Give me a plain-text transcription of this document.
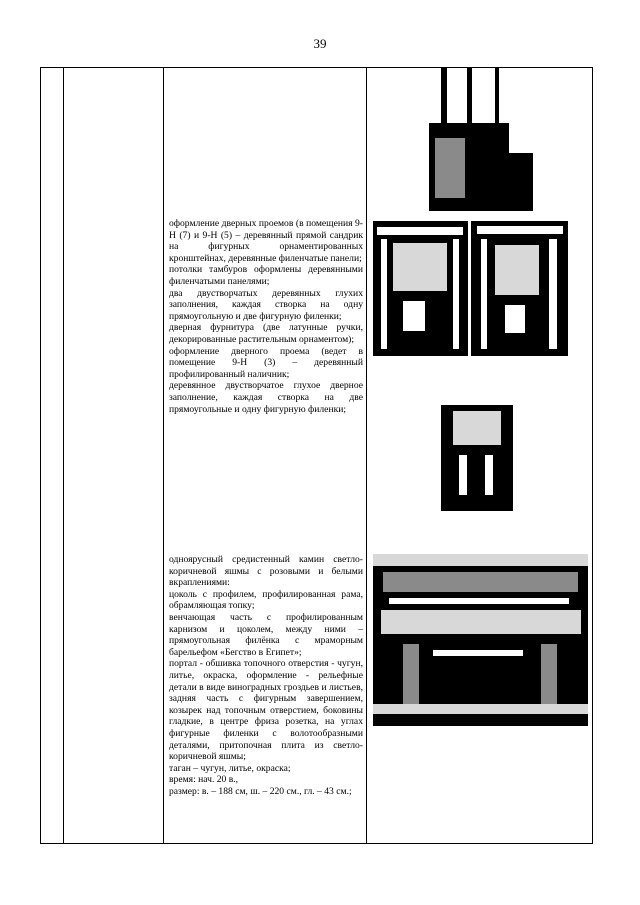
39
оформление дверных проемов (в помещения 9-Н (7) и 9-Н (5) – деревянный прямой сандрик на фигурных орнаментированных кронштейнах, деревянные филенчатые панели;
потолки тамбуров оформлены деревянными филенчатыми панелями;
два двустворчатых деревянных глухих заполнения, каждая створка на одну прямоугольную и две фигурную филенки;
дверная фурнитура (две латунные ручки, декорированные растительным орнаментом);
оформление дверного проема (ведет в помещение 9-Н (3) – деревянный профилированный наличник;
деревянное двустворчатое глухое дверное заполнение, каждая створка на две прямоугольные и одну фигурную филенки;
одноярусный средистенный камин светло-коричневой яшмы с розовыми и белыми вкраплениями:
цоколь с профилем, профилированная рама, обрамляющая топку;
венчающая часть с профилированным карнизом и цоколем, между ними – прямоугольная филёнка с мраморным барельефом «Бегство в Египет»;
портал - обшивка топочного отверстия - чугун, литье, окраска, оформление - рельефные детали в виде виноградных гроздьев и листьев, задняя часть с фигурным завершением, козырек над топочным отверстием, боковины гладкие, в центре фриза розетка, на углах фигурные филенки с волотообразными деталями, притопочная плита из светло-коричневой яшмы;
таган – чугун, литье, окраска;
время: нач. 20 в.,
размер: в. – 188 см, ш. – 220 см., гл. – 43 см.;
